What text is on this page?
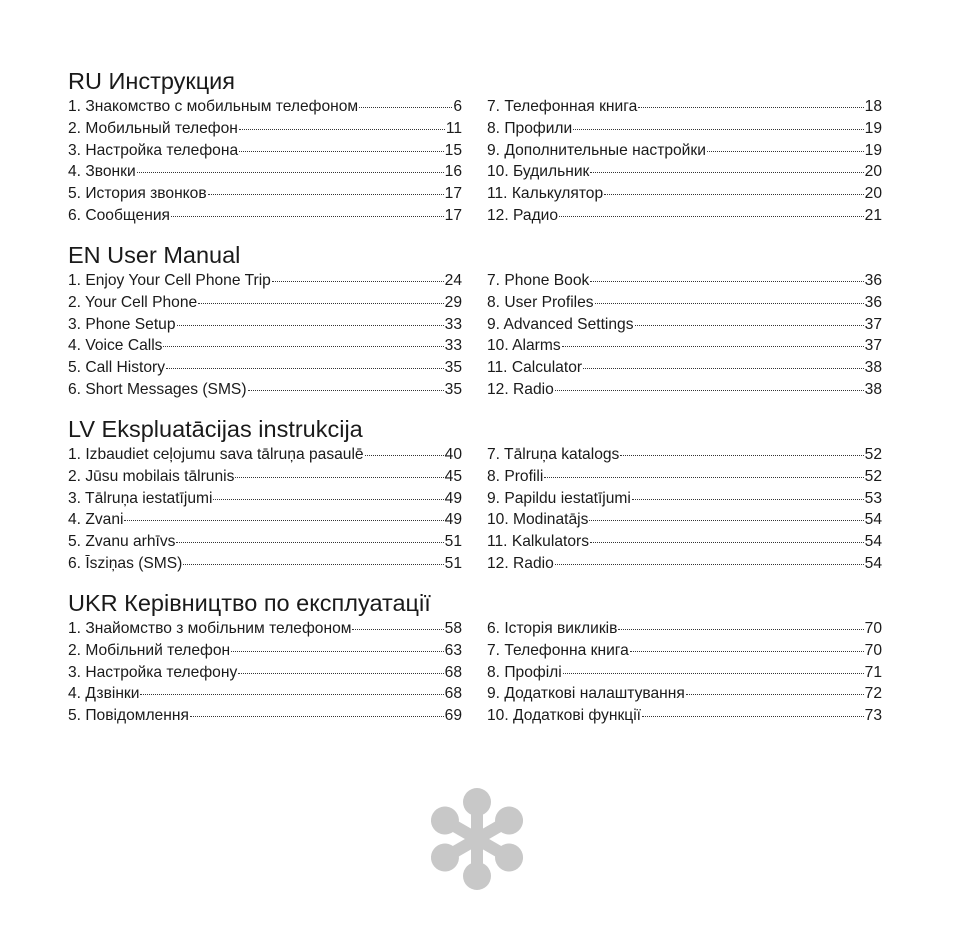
RU Инструкция
1. Знакомство с мобильным телефоном	6
2. Мобильный телефон	11
3. Настройка телефона	15
4. Звонки	16
5. История звонков	17
6. Сообщения	17
7. Телефонная книга	18
8. Профили	19
9. Дополнительные настройки	19
10. Будильник	20
11. Калькулятор	20
12. Радио	21
EN User Manual
1. Enjoy Your Cell Phone Trip	24
2. Your Cell Phone	29
3. Phone Setup	33
4. Voice Calls	33
5. Call History	35
6. Short Messages (SMS)	35
7. Phone Book	36
8. User Profiles	36
9. Advanced Settings	37
10. Alarms	37
11. Calculator	38
12. Radio	38
LV Ekspluatācijas instrukcija
1. Izbaudiet ceļojumu sava tālruņa pasaulē	40
2. Jūsu mobilais tālrunis	45
3. Tālruņa iestatījumi	49
4. Zvani	49
5. Zvanu arhīvs	51
6. Īsziņas (SMS)	51
7. Tālruņa katalogs	52
8. Profili	52
9. Papildu iestatījumi	53
10. Modinatājs	54
11. Kalkulators	54
12. Radio	54
UKR Керівництво по експлуатації
1. Знайомство з мобільним телефоном	58
2. Мобільний телефон	63
3. Настройка телефону	68
4. Дзвінки	68
5. Повідомлення	69
6. Історія викликів	70
7. Телефонна книга	70
8. Профілі	71
9. Додаткові налаштування	72
10. Додаткові функції	73
